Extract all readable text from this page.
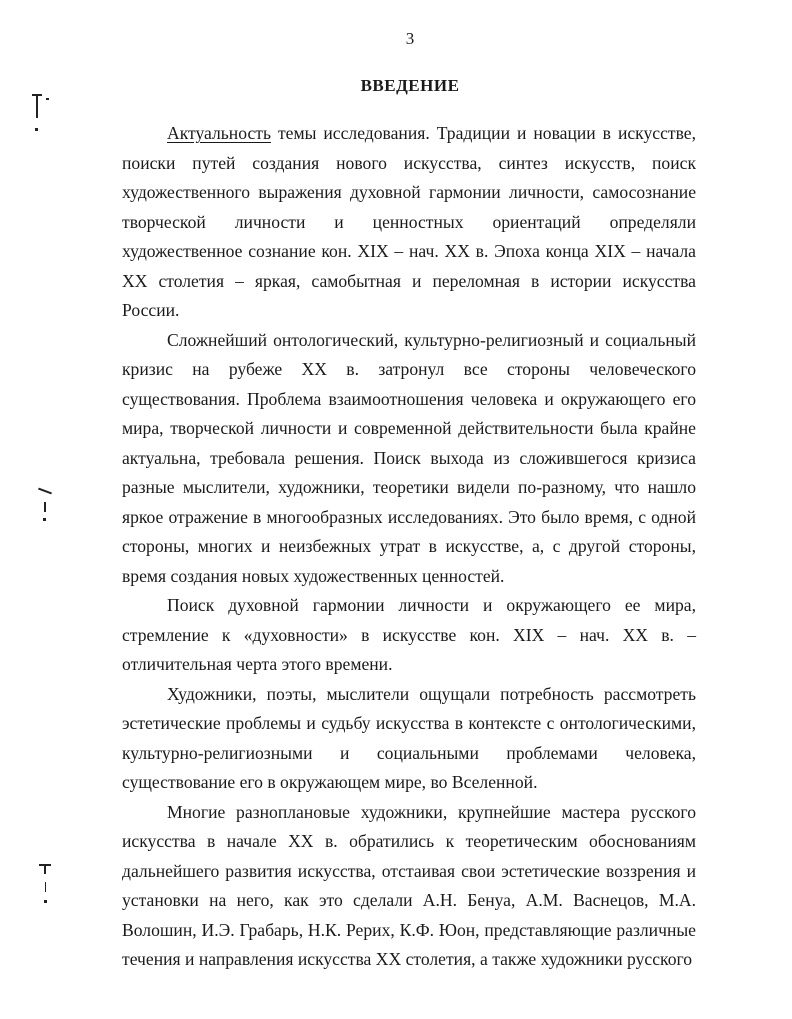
3
ВВЕДЕНИЕ

Актуальность темы исследования. Традиции и новации в искусстве, поиски путей создания нового искусства, синтез искусств, поиск художественного выражения духовной гармонии личности, самосознание творческой личности и ценностных ориентаций определяли художественное сознание кон. XIX – нач. XX в. Эпоха конца XIX – начала XX столетия – яркая, самобытная и переломная в истории искусства России.

Сложнейший онтологический, культурно-религиозный и социальный кризис на рубеже XX в. затронул все стороны человеческого существования. Проблема взаимоотношения человека и окружающего его мира, творческой личности и современной действительности была крайне актуальна, требовала решения. Поиск выхода из сложившегося кризиса разные мыслители, художники, теоретики видели по-разному, что нашло яркое отражение в многообразных исследованиях. Это было время, с одной стороны, многих и неизбежных утрат в искусстве, а, с другой стороны, время создания новых художественных ценностей.

Поиск духовной гармонии личности и окружающего ее мира, стремление к «духовности» в искусстве кон. XIX – нач. XX в. – отличительная черта этого времени.

Художники, поэты, мыслители ощущали потребность рассмотреть эстетические проблемы и судьбу искусства в контексте с онтологическими, культурно-религиозными и социальными проблемами человека, существование его в окружающем мире, во Вселенной.

Многие разноплановые художники, крупнейшие мастера русского искусства в начале XX в. обратились к теоретическим обоснованиям дальнейшего развития искусства, отстаивая свои эстетические воззрения и установки на него, как это сделали А.Н. Бенуа, А.М. Васнецов, М.А. Волошин, И.Э. Грабарь, Н.К. Рерих, К.Ф. Юон, представляющие различные течения и направления искусства XX столетия, а также художники русского
